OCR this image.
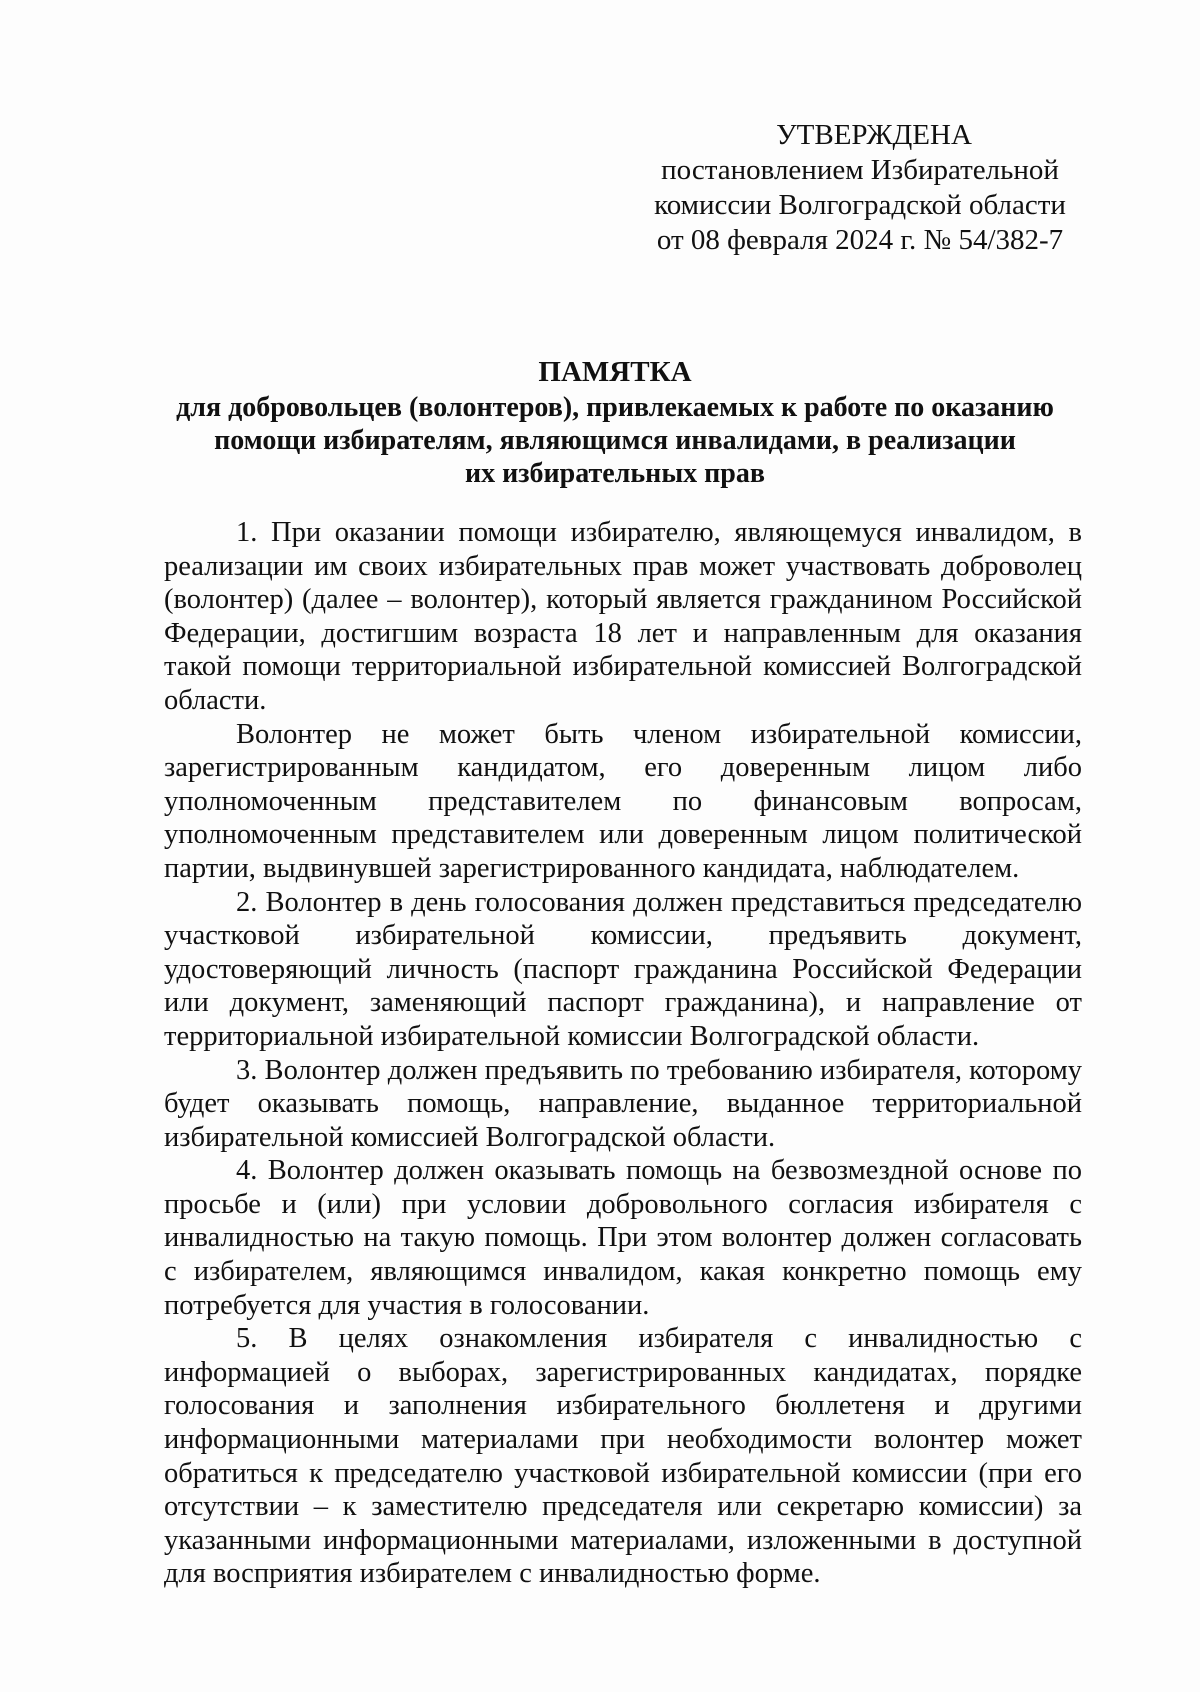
УТВЕРЖДЕНА
постановлением Избирательной
комиссии Волгоградской области
от 08 февраля 2024 г. № 54/382-7
ПАМЯТКА
для добровольцев (волонтеров), привлекаемых к работе по оказанию
помощи избирателям, являющимся инвалидами, в реализации
их избирательных прав

1. При оказании помощи избирателю, являющемуся инвалидом, в реализации им своих избирательных прав может участвовать доброволец (волонтер) (далее – волонтер), который является гражданином Российской Федерации, достигшим возраста 18 лет и направленным для оказания такой помощи территориальной избирательной комиссией Волгоградской области.

Волонтер не может быть членом избирательной комиссии, зарегистрированным кандидатом, его доверенным лицом либо уполномоченным представителем по финансовым вопросам, уполномоченным представителем или доверенным лицом политической партии, выдвинувшей зарегистрированного кандидата, наблюдателем.

2. Волонтер в день голосования должен представиться председателю участковой избирательной комиссии, предъявить документ, удостоверяющий личность (паспорт гражданина Российской Федерации или документ, заменяющий паспорт гражданина), и направление от территориальной избирательной комиссии Волгоградской области.

3. Волонтер должен предъявить по требованию избирателя, которому будет оказывать помощь, направление, выданное территориальной избирательной комиссией Волгоградской области.

4. Волонтер должен оказывать помощь на безвозмездной основе по просьбе и (или) при условии добровольного согласия избирателя с инвалидностью на такую помощь. При этом волонтер должен согласовать с избирателем, являющимся инвалидом, какая конкретно помощь ему потребуется для участия в голосовании.

5. В целях ознакомления избирателя с инвалидностью с информацией о выборах, зарегистрированных кандидатах, порядке голосования и заполнения избирательного бюллетеня и другими информационными материалами при необходимости волонтер может обратиться к председателю участковой избирательной комиссии (при его отсутствии – к заместителю председателя или секретарю комиссии) за указанными информационными материалами, изложенными в доступной для восприятия избирателем с инвалидностью форме.
